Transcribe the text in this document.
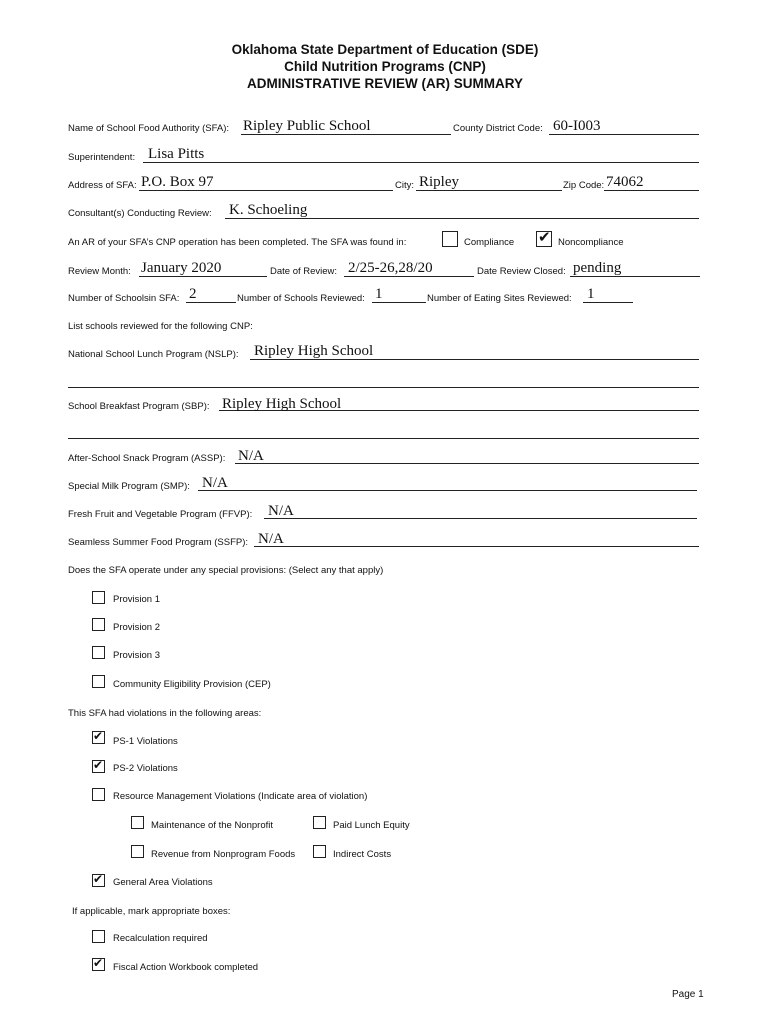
Oklahoma State Department of Education (SDE)
Child Nutrition Programs (CNP)
ADMINISTRATIVE REVIEW (AR) SUMMARY
Name of School Food Authority (SFA): Ripley Public School	County District Code: 60-I003
Superintendent: Lisa Pitts
Address of SFA: P.O. Box 97	City: Ripley	Zip Code: 74062
Consultant(s) Conducting Review: K. Schoeling
An AR of your SFA’s CNP operation has been completed. The SFA was found in:	Compliance ✔ Noncompliance
Review Month: January 2020	Date of Review: 2/25-26,28/20	Date Review Closed: pending
Number of Schoolsin SFA: 2	Number of Schools Reviewed: 1	Number of Eating Sites Reviewed: 1
List schools reviewed for the following CNP:
National School Lunch Program (NSLP): Ripley High School
School Breakfast Program (SBP): Ripley High School
After-School Snack Program (ASSP): N/A
Special Milk Program (SMP): N/A
Fresh Fruit and Vegetable Program (FFVP): N/A
Seamless Summer Food Program (SSFP): N/A
Does the SFA operate under any special provisions: (Select any that apply)
Provision 1
Provision 2
Provision 3
Community Eligibility Provision (CEP)
This SFA had violations in the following areas:
✔ PS-1 Violations
✔ PS-2 Violations
Resource Management Violations (Indicate area of violation)
Maintenance of the Nonprofit	Paid Lunch Equity
Revenue from Nonprogram Foods	Indirect Costs
✔ General Area Violations
If applicable, mark appropriate boxes:
Recalculation required
✔ Fiscal Action Workbook completed
Page 1
